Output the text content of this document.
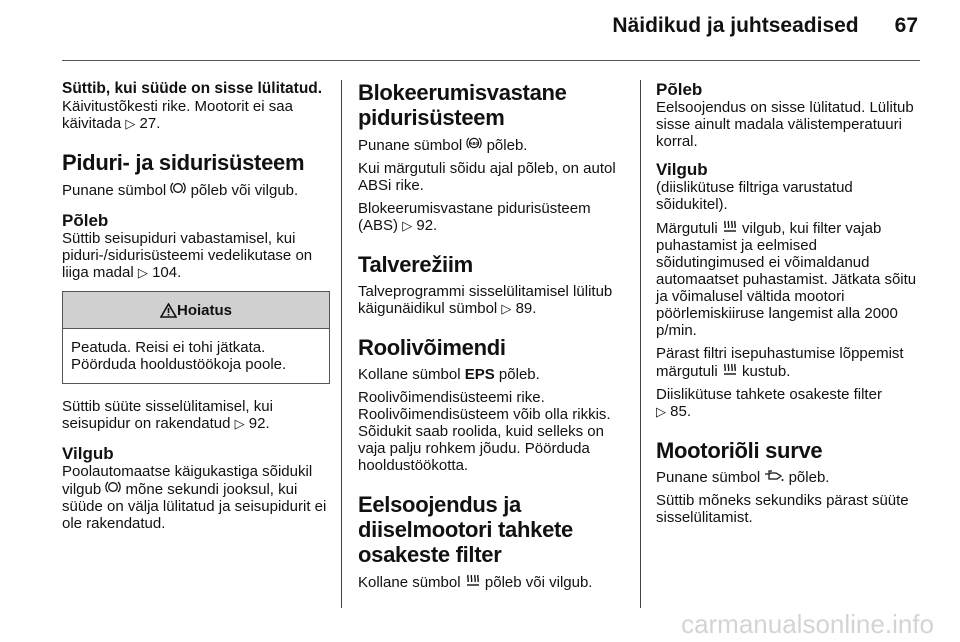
Näidikud ja juhtseadised 67
Süttib, kui süüde on sisse lülitatud.

Käivitustõkesti rike. Mootorit ei saa käivitada ▷ 27.

Piduri- ja sidurisüsteem

Punane sümbol põleb või vilgub.

Põleb

Süttib seisupiduri vabastamisel, kui piduri-/sidurisüsteemi vedelikutase on liiga madal ▷ 104.

Hoiatus
Peatuda. Reisi ei tohi jätkata. Pöörduda hooldustöökoja poole.

Süttib süüte sisselülitamisel, kui seisupidur on rakendatud ▷ 92.

Vilgub

Poolautomaatse käigukastiga sõidukil vilgub mõne sekundi jooksul, kui süüde on välja lülitatud ja seisupidurit ei ole rakendatud.

Blokeerumisvastane pidurisüsteem

Punane sümbol ABS põleb.

Kui märgutuli sõidu ajal põleb, on autol ABSi rike.

Blokeerumisvastane pidurisüsteem (ABS) ▷ 92.

Talverežiim

Talveprogrammi sisselülitamisel lülitub käigunäidikul sümbol ▷ 89.

Roolivõimendi

Kollane sümbol EPS põleb.

Roolivõimendisüsteemi rike. Roolivõimendisüsteem võib olla rikkis. Sõidukit saab roolida, kuid selleks on vaja palju rohkem jõudu. Pöörduda hooldustöökotta.

Eelsoojendus ja diiselmootori tahkete osakeste filter

Kollane sümbol põleb või vilgub.

Põleb

Eelsoojendus on sisse lülitatud. Lülitub sisse ainult madala välistemperatuuri korral.

Vilgub

(diislikütuse filtriga varustatud sõidukitel).

Märgutuli vilgub, kui filter vajab puhastamist ja eelmised sõidutingimused ei võimaldanud automaatset puhastamist. Jätkata sõitu ja võimalusel vältida mootori pöörlemiskiiruse langemist alla 2000 p/min.

Pärast filtri isepuhastumise lõppemist märgutuli kustub.

Diislikütuse tahkete osakeste filter
▷ 85.

Mootoriõli surve

Punane sümbol põleb.

Süttib mõneks sekundiks pärast süüte sisselülitamist.

carmanualsonline.info
